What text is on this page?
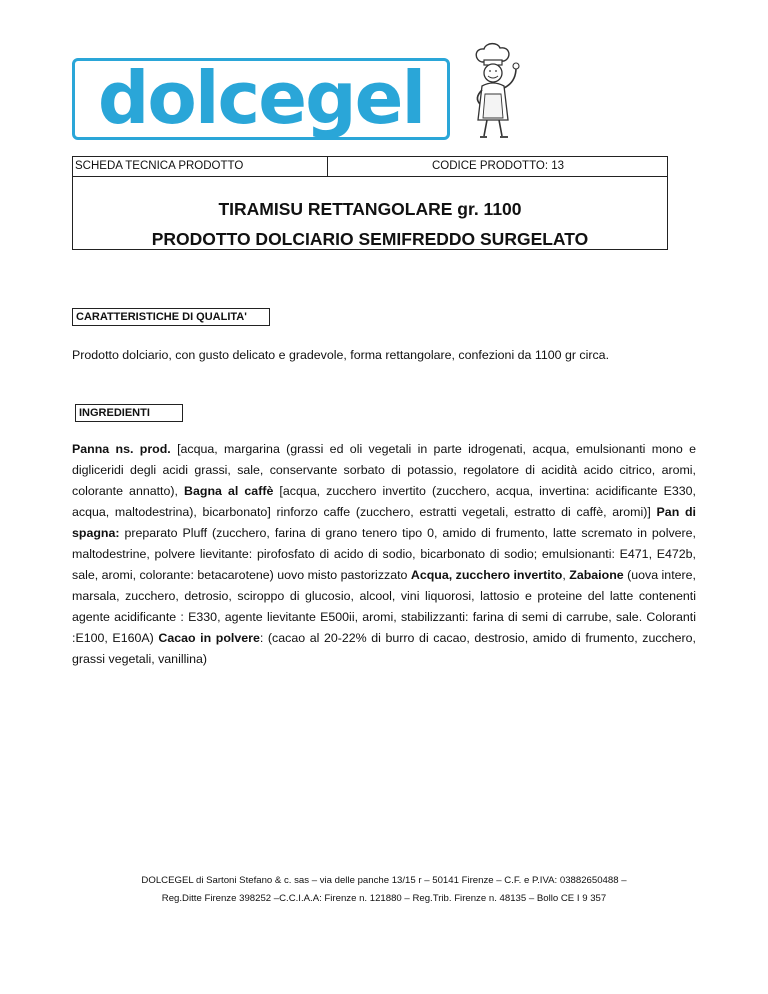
dolcegel
SCHEDA TECNICA PRODOTTO	CODICE PRODOTTO: 13
TIRAMISU RETTANGOLARE gr. 1100
PRODOTTO DOLCIARIO SEMIFREDDO SURGELATO
CARATTERISTICHE DI QUALITA'
Prodotto dolciario, con gusto delicato e gradevole, forma rettangolare, confezioni da 1100 gr circa.
INGREDIENTI
Panna ns. prod. [acqua, margarina (grassi ed oli vegetali in parte idrogenati, acqua, emulsionanti mono e digliceridi degli acidi grassi, sale, conservante sorbato di potassio, regolatore di acidità acido citrico, aromi, colorante annatto), Bagna al caffè [acqua, zucchero invertito (zucchero, acqua, invertina: acidificante E330, acqua, maltodestrina), bicarbonato] rinforzo caffe (zucchero, estratti vegetali, estratto di caffè, aromi)] Pan di spagna: preparato Pluff (zucchero, farina di grano tenero tipo 0, amido di frumento, latte scremato in polvere, maltodestrine, polvere lievitante: pirofosfato di acido di sodio, bicarbonato di sodio; emulsionanti: E471, E472b, sale, aromi, colorante: betacarotene) uovo misto pastorizzato Acqua, zucchero invertito, Zabaione (uova intere, marsala, zucchero, detrosio, sciroppo di glucosio, alcool, vini liquorosi, lattosio e proteine del latte contenenti agente acidificante : E330, agente lievitante E500ii, aromi, stabilizzanti: farina di semi di carrube, sale. Coloranti :E100, E160A) Cacao in polvere: (cacao al 20-22% di burro di cacao, destrosio, amido di frumento, zucchero, grassi vegetali, vanillina)
DOLCEGEL di Sartoni Stefano & c. sas – via delle panche 13/15 r – 50141 Firenze – C.F. e P.IVA: 03882650488 –
Reg.Ditte Firenze 398252 –C.C.I.A.A: Firenze n. 121880 – Reg.Trib. Firenze n. 48135 – Bollo CE I 9 357
